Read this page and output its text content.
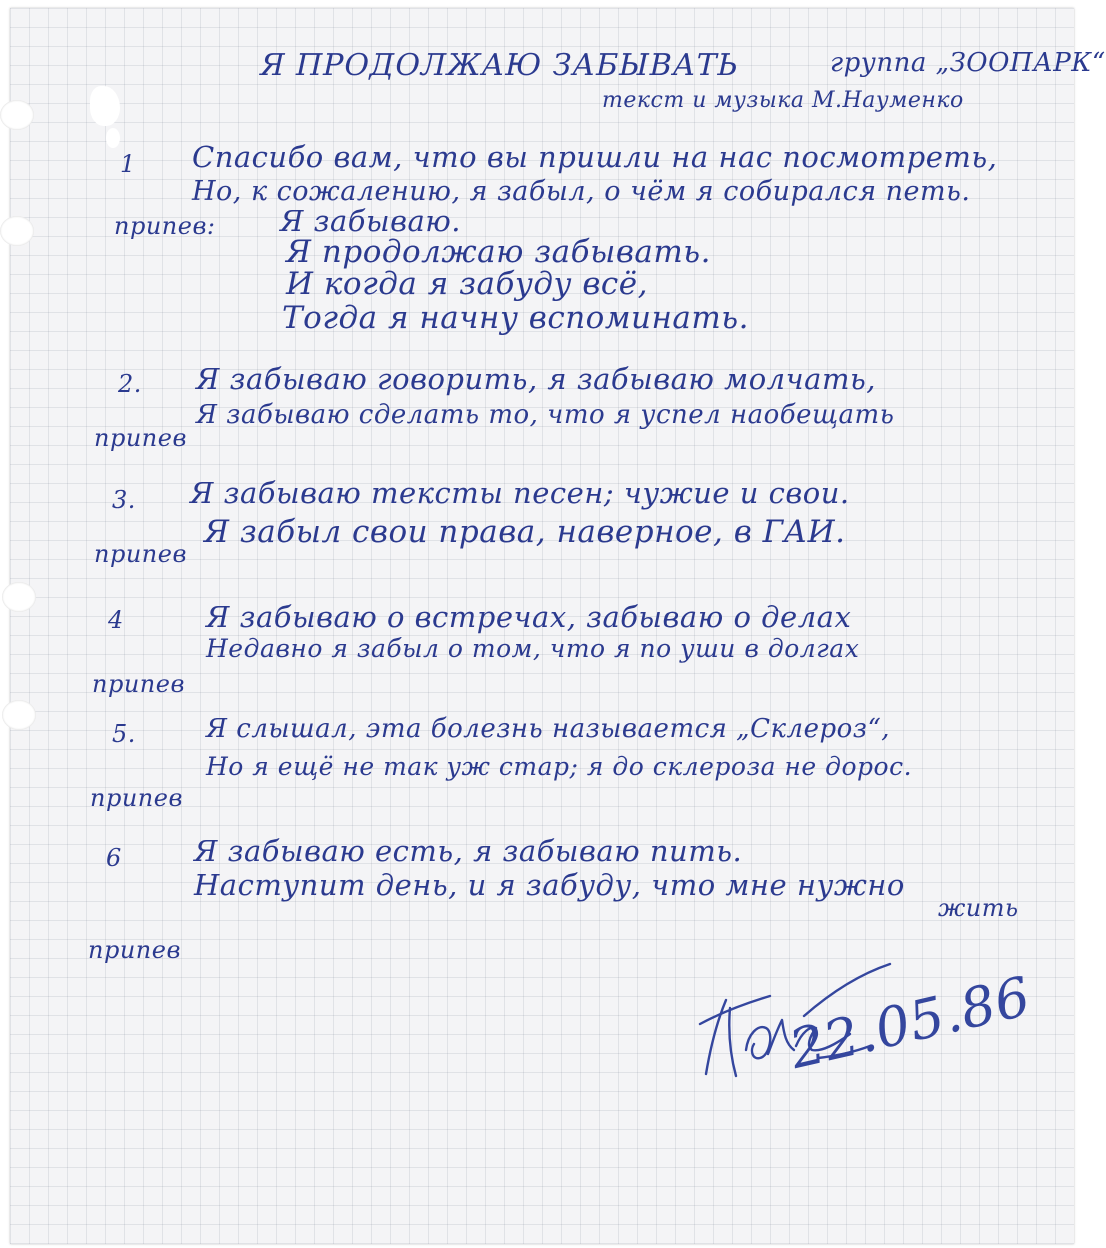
Я ПРОДОЛЖАЮ ЗАБЫВАТЬ	группа „ЗООПАРК“
текст и музыка М.Науменко
1 Спасибо вам, что вы пришли на нас посмотреть,
Но, к сожалению, я забыл, о чём я собирался петь.
припев: Я забываю.
Я продолжаю забывать.
И когда я забуду всё,
Тогда я начну вспоминать.
2. Я забываю говорить, я забываю молчать,
Я забываю сделать то, что я успел наобещать
припев
3. Я забываю тексты песен; чужие и свои.
Я забыл свои права, наверное, в ГАИ.
припев
4	Я забываю о встречах, забываю о делах
Недавно я забыл о том, что я по уши в долгах
припев
5.	Я слышал, эта болезнь называется „Склероз“,
Но я ещё не так уж стар; я до склероза не дорос.
припев
6 Я забываю есть, я забываю пить.
Наступит день, и я забуду, что мне нужно
жить
припев
22.05.86
